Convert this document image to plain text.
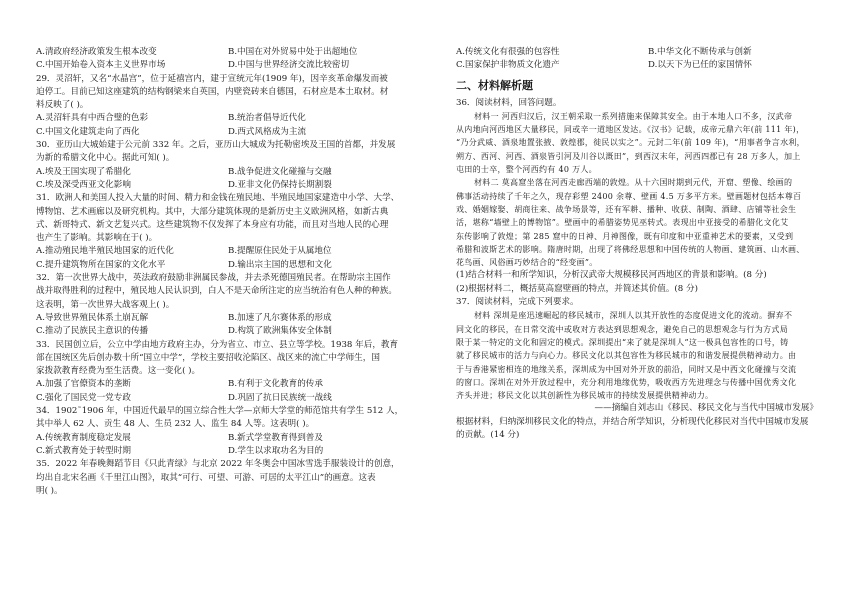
A.清政府经济政策发生根本改变	B.中国在对外贸易中处于出超地位
C.中国开始卷入资本主义世界市场	D.中国与世界经济交流比较密切

29．灵沼轩，又名“水晶宫”，位于延禧宫内，建于宣统元年(1909 年)，因辛亥革命爆发而被

迫停工。目前已知这座建筑的结构钢梁来自英国，内壁瓷砖来自德国，石材应是本土取材。材

料反映了( )。

A.灵沼轩具有中西合璧的色彩	B.统治者倡导近代化
C.中国文化建筑走向了西化	D.西式风格成为主流

30．亚历山大城始建于公元前 332 年。之后，亚历山大城成为托勒密埃及王国的首都，并发展

为新的希腊文化中心。据此可知( )。

A.埃及王国实现了希腊化	B.战争促进文化碰撞与交融
C.埃及深受西亚文化影响	D.亚非文化仍保持长期割裂

31．欧洲人和美国人投入大量的时间、精力和金钱在殖民地、半殖民地国家建造中小学、大学、

博物馆、艺术画廊以及研究机构。其中，大部分建筑体现的是新历史主义欧洲风格，如新古典

式、新哥特式、新文艺复兴式。这些建筑物不仅发挥了本身应有功能，而且对当地人民的心理

也产生了影响。其影响在于( )。

A.推动殖民地半殖民地国家的近代化	B.提醒原住民处于从属地位
C.提升建筑物所在国家的文化水平	D.输出宗主国的思想和文化

32．第一次世界大战中，英法政府鼓励非洲属民参战，并去杀死德国殖民者。在帮助宗主国作

战并取得胜利的过程中，殖民地人民认识到，白人不是天命所注定的应当统治有色人种的种族。

这表明，第一次世界大战客观上( )。

A.导致世界殖民体系土崩瓦解	B.加速了凡尔赛体系的形成
C.推动了民族民主意识的传播	D.构筑了欧洲集体安全体制

33．民国创立后，公立中学由地方政府主办，分为省立、市立、县立等学校。1938 年后，教育

部在国统区先后创办数十所“国立中学”，学校主要招收沦陷区、战区来的流亡中学师生，国

家拨款教育经费为至生活费。这一变化( )。

A.加强了官僚资本的垄断	B.有利于文化教育的传承
C.强化了国民党一党专政	D.巩固了抗日民族统一战线

34．1902˜1906 年，中国近代最早的国立综合性大学—京师大学堂的师范馆共有学生 512 人，

其中举人 62 人、贡生 48 人、生员 232 人、监生 84 人等。这表明( )。

A.传统教育制度稳定发展	B.新式学堂教育得到普及
C.新式教育处于转型时期	D.学生以求取功名为目的

35．2022 年春晚舞蹈节目《只此青绿》与北京 2022 年冬奥会中国冰雪选手服装设计的创意，

均出自北宋名画《千里江山图》，取其“可行、可望、可游、可居的太平江山”的画意。这表

明( )。

A.传统文化有很强的包容性	B.中华文化不断传承与创新
C.国家保护非物质文化遗产	D.以天下为已任的家国情怀
二、材料解析题

36．阅读材料，回答问题。

材料一 河西归汉后，汉王朝采取一系列措施来保障其安全。由于本地人口不多，汉武帝

从内地向河西地区大量移民，同或辛一道地区发达。《汉书》记载，成帝元鼎六年(前 111 年)，

“乃分武威、酒泉地置张掖、敦煌郡，徙民以实之”。元封二年(前 109 年)，“用事者争言水利，

朔方、西河、河西、酒泉皆引河及川谷以溉田”，到西汉末年，河西四郡已有 28 万多人，加上

屯田的士卒，整个河西约有 40 万人。

材料二 莫高窟坐落在河西走廊西端的敦煌。从十六国时期到元代，开窟、塑像、绘画的

佛事活动持续了千年之久，现存彩塑 2400 余尊、壁画 4.5 万多平方米。壁画题材包括本尊百

戏、婚姻嫁娶、胡商往来、战争场景等，还有军耕、播种、收获、制陶、酒肆、店铺等社会生

活，堪称“墙壁上的博物馆”。壁画中的希腊姿势见巫转式。表现出中亚接受的希腊化文化艾

东传影响了敦煌；第 285 窟中的日神、月神图像，既有印度和中亚重神艺术的要素，又受到

希腊和波斯艺术的影响。隋唐时期，出现了将佛经思想和中国传统的人物画、建筑画、山水画、

花鸟画、风俗画巧妙结合的“经变画”。

(1)结合材料一和所学知识，分析汉武帝大规模移民河西地区的背景和影响。(8 分)

(2)根据材料二，概括莫高窟壁画的特点，并简述其价值。(8 分)

37．阅读材料，完成下列要求。

材料 深圳是座迅速崛起的移民城市，深圳人以其开放性的态度促进文化的流动。摒弃不

同文化的移民，在日常交流中或收对方表达到思想观念，避免自己的思想观念与行为方式局

限于某一特定的文化和固定的模式。深圳提出“来了就是深圳人”这一极具包容性的口号，铸

就了移民城市的活力与向心力。移民文化以其包容性为移民城市的和谐发展提供精神动力。由

于与香港紧密相连的地缘关系，深圳成为中国对外开放的前沿，同时又是中西文化碰撞与交流

的窗口。深圳在对外开放过程中，充分利用地缘优势，吸收西方先进理念与传播中国优秀文化

齐头并进；移民文化以其创新性为移民城市的持续发展提供精神动力。

——摘编自刘志山《移民、移民文化与当代中国城市发展》

根据材料，归纳深圳移民文化的特点，并结合所学知识，分析现代化移民对当代中国城市发展

的贡献。(14 分)
